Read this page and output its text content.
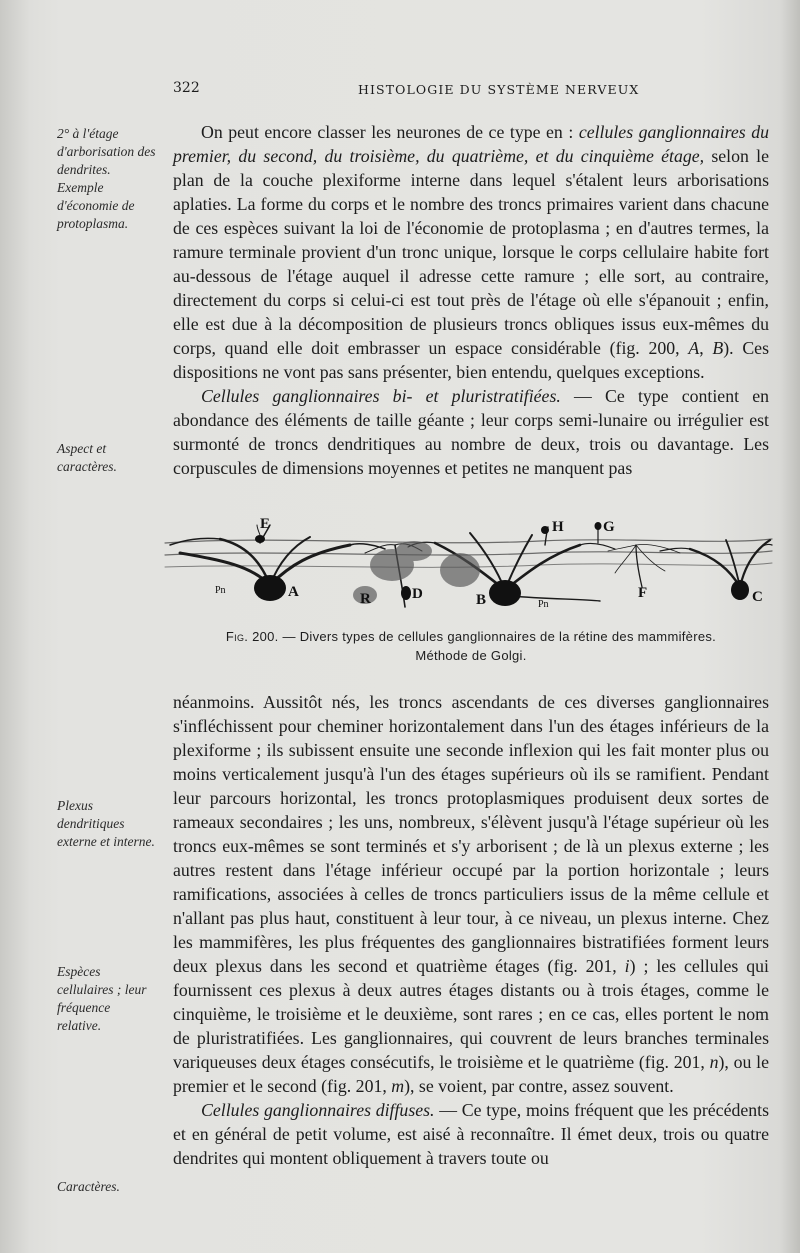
322	HISTOLOGIE DU SYSTÈME NERVEUX
2° à l'étage d'arborisation des dendrites. Exemple d'économie de protoplasma.
Aspect et caractères.
Plexus dendritiques externe et interne.
Espèces cellulaires ; leur fréquence relative.
Caractères.

On peut encore classer les neurones de ce type en : cellules ganglionnaires du premier, du second, du troisième, du quatrième, et du cinquième étage, selon le plan de la couche plexiforme interne dans lequel s'étalent leurs arborisations aplaties. La forme du corps et le nombre des troncs primaires varient dans chacune de ces espèces suivant la loi de l'économie de protoplasma ; en d'autres termes, la ramure terminale provient d'un tronc unique, lorsque le corps cellulaire habite fort au-dessous de l'étage auquel il adresse cette ramure ; elle sort, au contraire, directement du corps si celui-ci est tout près de l'étage où elle s'épanouit ; enfin, elle est due à la décomposition de plusieurs troncs obliques issus eux-mêmes du corps, quand elle doit embrasser un espace considérable (fig. 200, A, B). Ces dispositions ne vont pas sans présenter, bien entendu, quelques exceptions.

Cellules ganglionnaires bi- et pluristratifiées. — Ce type contient en abondance des éléments de taille géante ; leur corps semi-lunaire ou irrégulier est surmonté de troncs dendritiques au nombre de deux, trois ou davantage. Les corpuscules de dimensions moyennes et petites ne manquent pas

E	H	G
Pn	A	R	D	B	Pn
F	C
Fig. 200. — Divers types de cellules ganglionnaires de la rétine des mammifères.
Méthode de Golgi.

néanmoins. Aussitôt nés, les troncs ascendants de ces diverses ganglionnaires s'infléchissent pour cheminer horizontalement dans l'un des étages inférieurs de la plexiforme ; ils subissent ensuite une seconde inflexion qui les fait monter plus ou moins verticalement jusqu'à l'un des étages supérieurs où ils se ramifient. Pendant leur parcours horizontal, les troncs protoplasmiques produisent deux sortes de rameaux secondaires ; les uns, nombreux, s'élèvent jusqu'à l'étage supérieur où les troncs eux-mêmes se sont terminés et s'y arborisent ; de là un plexus externe ; les autres restent dans l'étage inférieur occupé par la portion horizontale ; leurs ramifications, associées à celles de troncs particuliers issus de la même cellule et n'allant pas plus haut, constituent à leur tour, à ce niveau, un plexus interne. Chez les mammifères, les plus fréquentes des ganglionnaires bistratifiées forment leurs deux plexus dans les second et quatrième étages (fig. 201, i) ; les cellules qui fournissent ces plexus à deux autres étages distants ou à trois étages, comme le cinquième, le troisième et le deuxième, sont rares ; en ce cas, elles portent le nom de pluristratifiées. Les ganglionnaires, qui couvrent de leurs branches terminales variqueuses deux étages consécutifs, le troisième et le quatrième (fig. 201, n), ou le premier et le second (fig. 201, m), se voient, par contre, assez souvent.

Cellules ganglionnaires diffuses. — Ce type, moins fréquent que les précédents et en général de petit volume, est aisé à reconnaître. Il émet deux, trois ou quatre dendrites qui montent obliquement à travers toute ou
